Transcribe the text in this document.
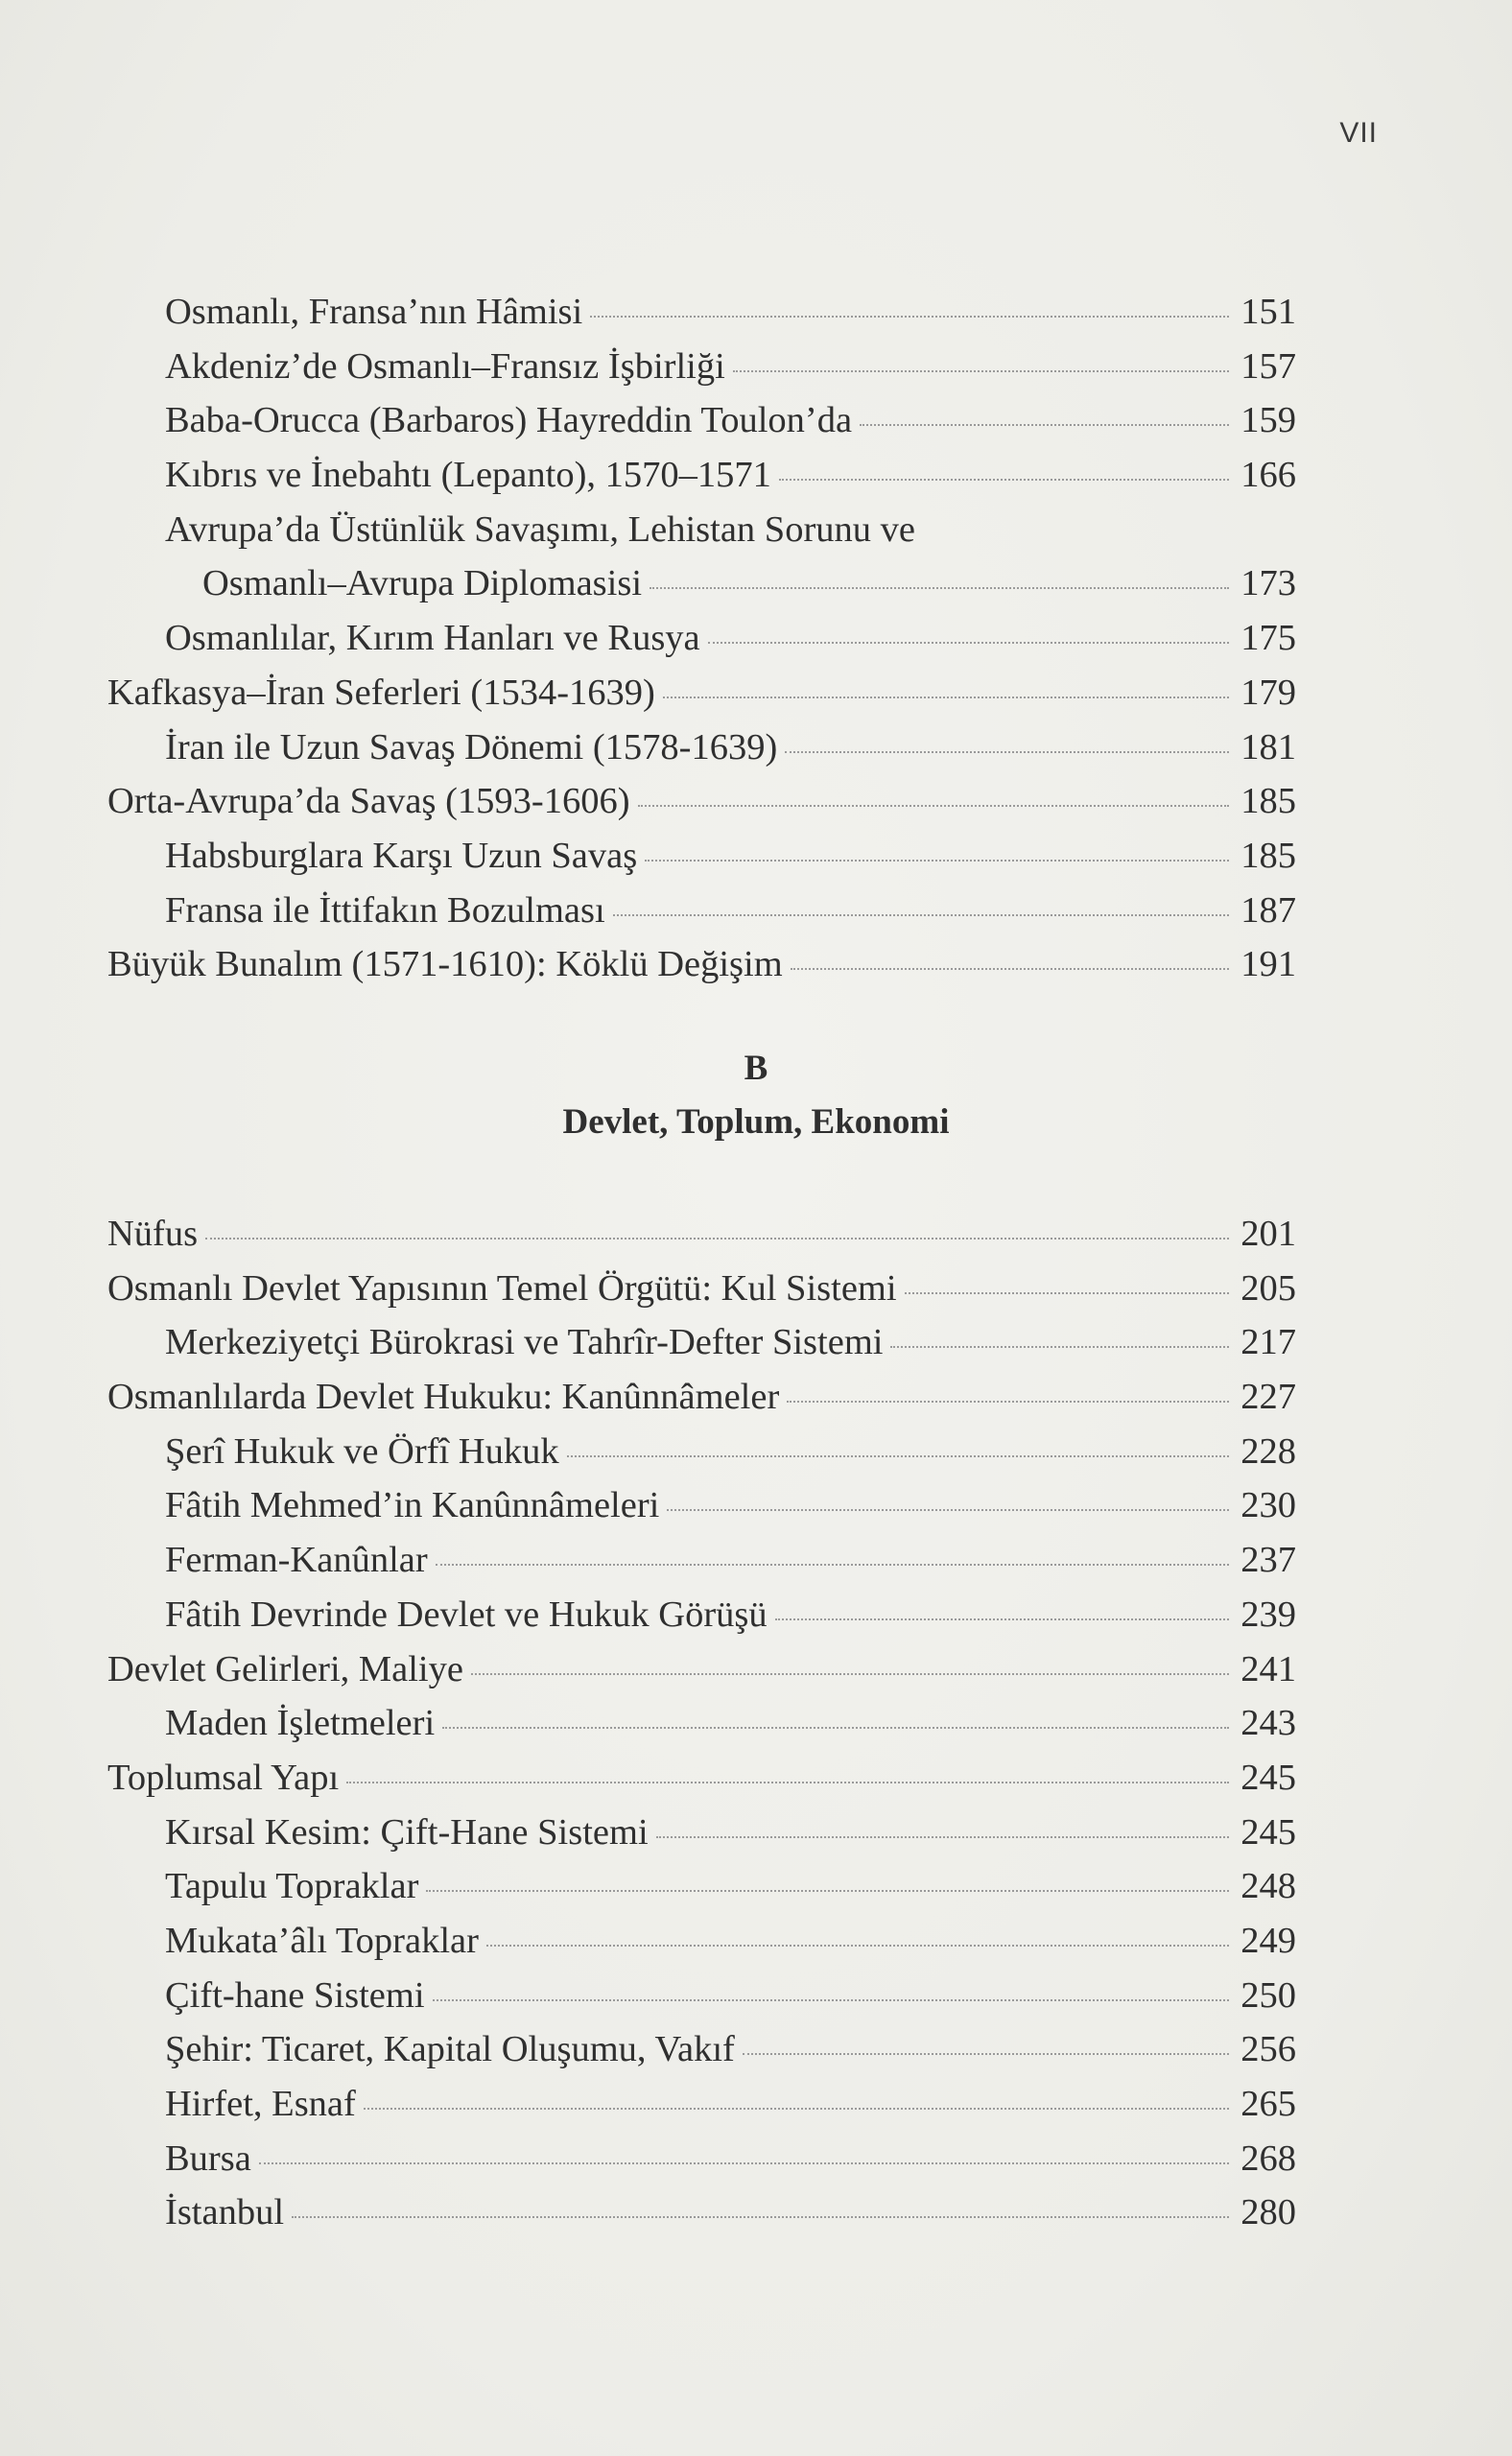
VII
Osmanlı, Fransa’nın Hâmisi	151
Akdeniz’de Osmanlı–Fransız İşbirliği	157
Baba-Orucca (Barbaros) Hayreddin Toulon’da	159
Kıbrıs ve İnebahtı (Lepanto), 1570–1571	166
Avrupa’da Üstünlük Savaşımı, Lehistan Sorunu ve
Osmanlı–Avrupa Diplomasisi	173
Osmanlılar, Kırım Hanları ve Rusya	175
Kafkasya–İran Seferleri (1534-1639)	179
İran ile Uzun Savaş Dönemi (1578-1639)	181
Orta-Avrupa’da Savaş (1593-1606)	185
Habsburglara Karşı Uzun Savaş	185
Fransa ile İttifakın Bozulması	187
Büyük Bunalım (1571-1610): Köklü Değişim	191
B
Devlet, Toplum, Ekonomi
Nüfus	201
Osmanlı Devlet Yapısının Temel Örgütü: Kul Sistemi	205
Merkeziyetçi Bürokrasi ve Tahrîr-Defter Sistemi	217
Osmanlılarda Devlet Hukuku: Kanûnnâmeler	227
Şerî Hukuk ve Örfî Hukuk	228
Fâtih Mehmed’in Kanûnnâmeleri	230
Ferman-Kanûnlar	237
Fâtih Devrinde Devlet ve Hukuk Görüşü	239
Devlet Gelirleri, Maliye	241
Maden İşletmeleri	243
Toplumsal Yapı	245
Kırsal Kesim: Çift-Hane Sistemi	245
Tapulu Topraklar	248
Mukata’âlı Topraklar	249
Çift-hane Sistemi	250
Şehir: Ticaret, Kapital Oluşumu, Vakıf	256
Hirfet, Esnaf	265
Bursa	268
İstanbul	280
